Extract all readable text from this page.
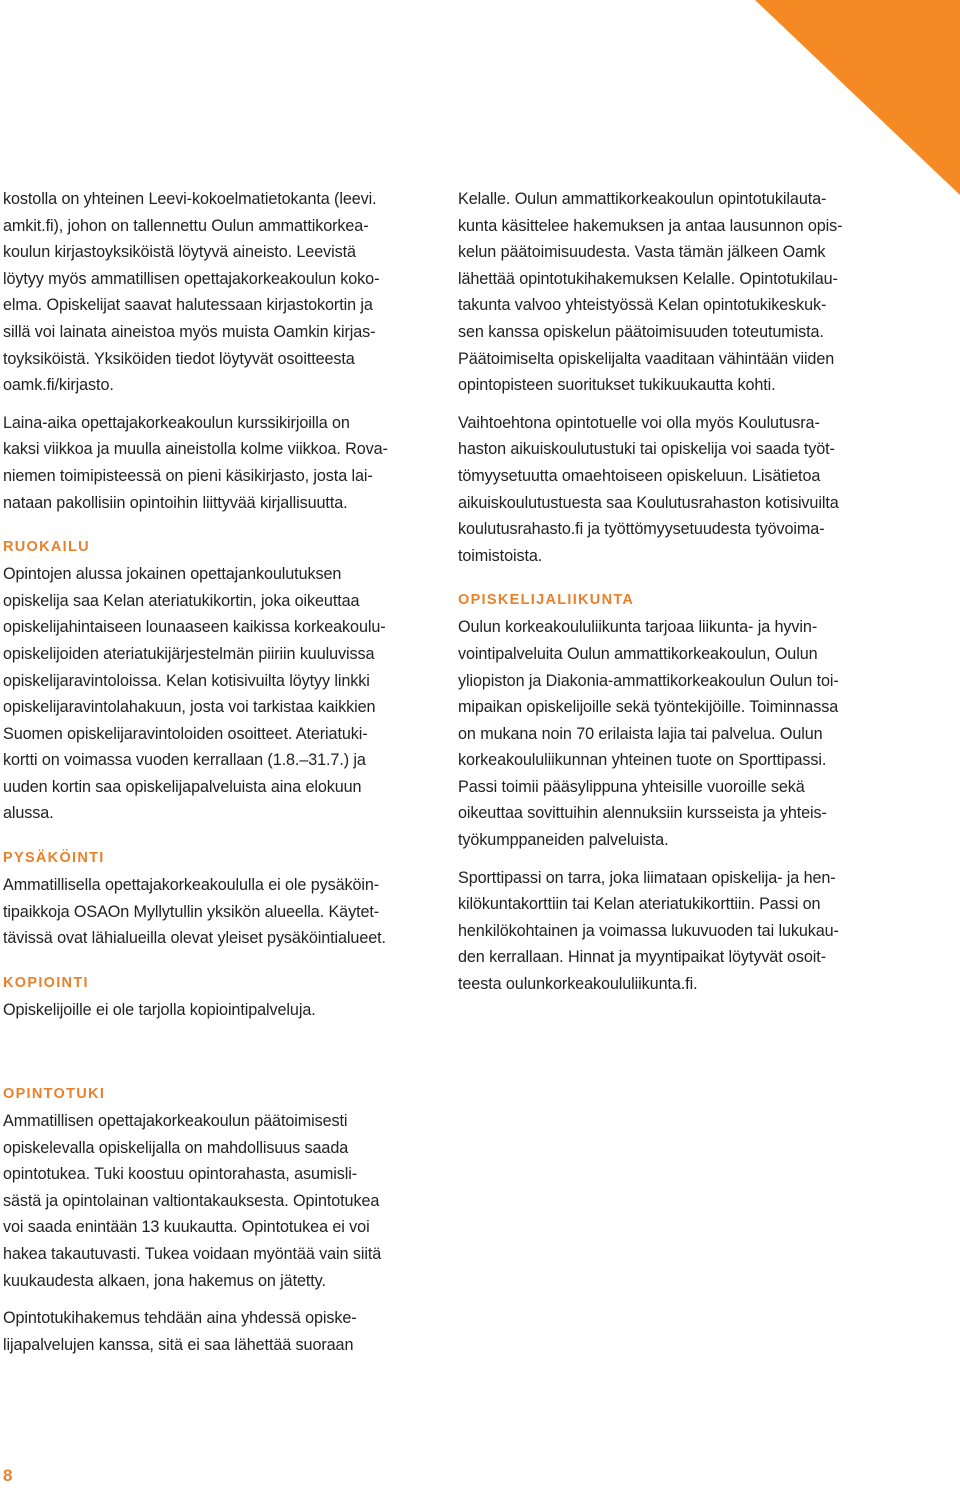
kostolla on yhteinen Leevi-kokoelmatietokanta (leevi.
amkit.fi), johon on tallennettu Oulun ammattikorkea-
koulun kirjastoyksiköistä löytyvä aineisto. Leevistä
löytyy myös ammatillisen opettajakorkeakoulun koko-
elma. Opiskelijat saavat halutessaan kirjastokortin ja
sillä voi lainata aineistoa myös muista Oamkin kirjas-
toyksiköistä. Yksiköiden tiedot löytyvät osoitteesta
oamk.fi/kirjasto.

Laina-aika opettajakorkeakoulun kurssikirjoilla on
kaksi viikkoa ja muulla aineistolla kolme viikkoa. Rova-
niemen toimipisteessä on pieni käsikirjasto, josta lai-
nataan pakollisiin opintoihin liittyvää kirjallisuutta.

RUOKAILU

Opintojen alussa jokainen opettajankoulutuksen
opiskelija saa Kelan ateriatukikortin, joka oikeuttaa
opiskelijahintaiseen lounaaseen kaikissa korkeakoulu-
opiskelijoiden ateriatukijärjestelmän piiriin kuuluvissa
opiskelijaravintoloissa. Kelan kotisivuilta löytyy linkki
opiskelijaravintolahakuun, josta voi tarkistaa kaikkien
Suomen opiskelijaravintoloiden osoitteet. Ateriatuki-
kortti on voimassa vuoden kerrallaan (1.8.–31.7.) ja
uuden kortin saa opiskelijapalveluista aina elokuun
alussa.

PYSÄKÖINTI

Ammatillisella opettajakorkeakoululla ei ole pysäköin-
tipaikkoja OSAOn Myllytullin yksikön alueella. Käytet-
tävissä ovat lähialueilla olevat yleiset pysäköintialueet.

KOPIOINTI

Opiskelijoille ei ole tarjolla kopiointipalveluja.

OPINTOTUKI

Ammatillisen opettajakorkeakoulun päätoimisesti
opiskelevalla opiskelijalla on mahdollisuus saada
opintotukea. Tuki koostuu opintorahasta, asumisli-
sästä ja opintolainan valtiontakauksesta. Opintotukea
voi saada enintään 13 kuukautta. Opintotukea ei voi
hakea takautuvasti. Tukea voidaan myöntää vain siitä
kuukaudesta alkaen, jona hakemus on jätetty.

Opintotukihakemus tehdään aina yhdessä opiske-
lijapalvelujen kanssa, sitä ei saa lähettää suoraan

Kelalle. Oulun ammattikorkeakoulun opintotukilauta-
kunta käsittelee hakemuksen ja antaa lausunnon opis-
kelun päätoimisuudesta. Vasta tämän jälkeen Oamk
lähettää opintotukihakemuksen Kelalle. Opintotukilau-
takunta valvoo yhteistyössä Kelan opintotukikeskuk-
sen kanssa opiskelun päätoimisuuden toteutumista.
Päätoimiselta opiskelijalta vaaditaan vähintään viiden
opintopisteen suoritukset tukikuukautta kohti.

Vaihtoehtona opintotuelle voi olla myös Koulutusra-
haston aikuiskoulutustuki tai opiskelija voi saada työt-
tömyysetuutta omaehtoiseen opiskeluun. Lisätietoa
aikuiskoulutustuesta saa Koulutusrahaston kotisivuilta
koulutusrahasto.fi ja työttömyysetuudesta työvoima-
toimistoista.

OPISKELIJALIIKUNTA

Oulun korkeakoululiikunta tarjoaa liikunta- ja hyvin-
vointipalveluita Oulun ammattikorkeakoulun, Oulun
yliopiston ja Diakonia-ammattikorkeakoulun Oulun toi-
mipaikan opiskelijoille sekä työntekijöille. Toiminnassa
on mukana noin 70 erilaista lajia tai palvelua. Oulun
korkeakoululiikunnan yhteinen tuote on Sporttipassi.
Passi toimii pääsylippuna yhteisille vuoroille sekä
oikeuttaa sovittuihin alennuksiin kursseista ja yhteis-
työkumppaneiden palveluista.

Sporttipassi on tarra, joka liimataan opiskelija- ja hen-
kilökuntakorttiin tai Kelan ateriatukikorttiin. Passi on
henkilökohtainen ja voimassa lukuvuoden tai lukukau-
den kerrallaan. Hinnat ja myyntipaikat löytyvät osoit-
teesta oulunkorkeakoululiikunta.fi.

8
